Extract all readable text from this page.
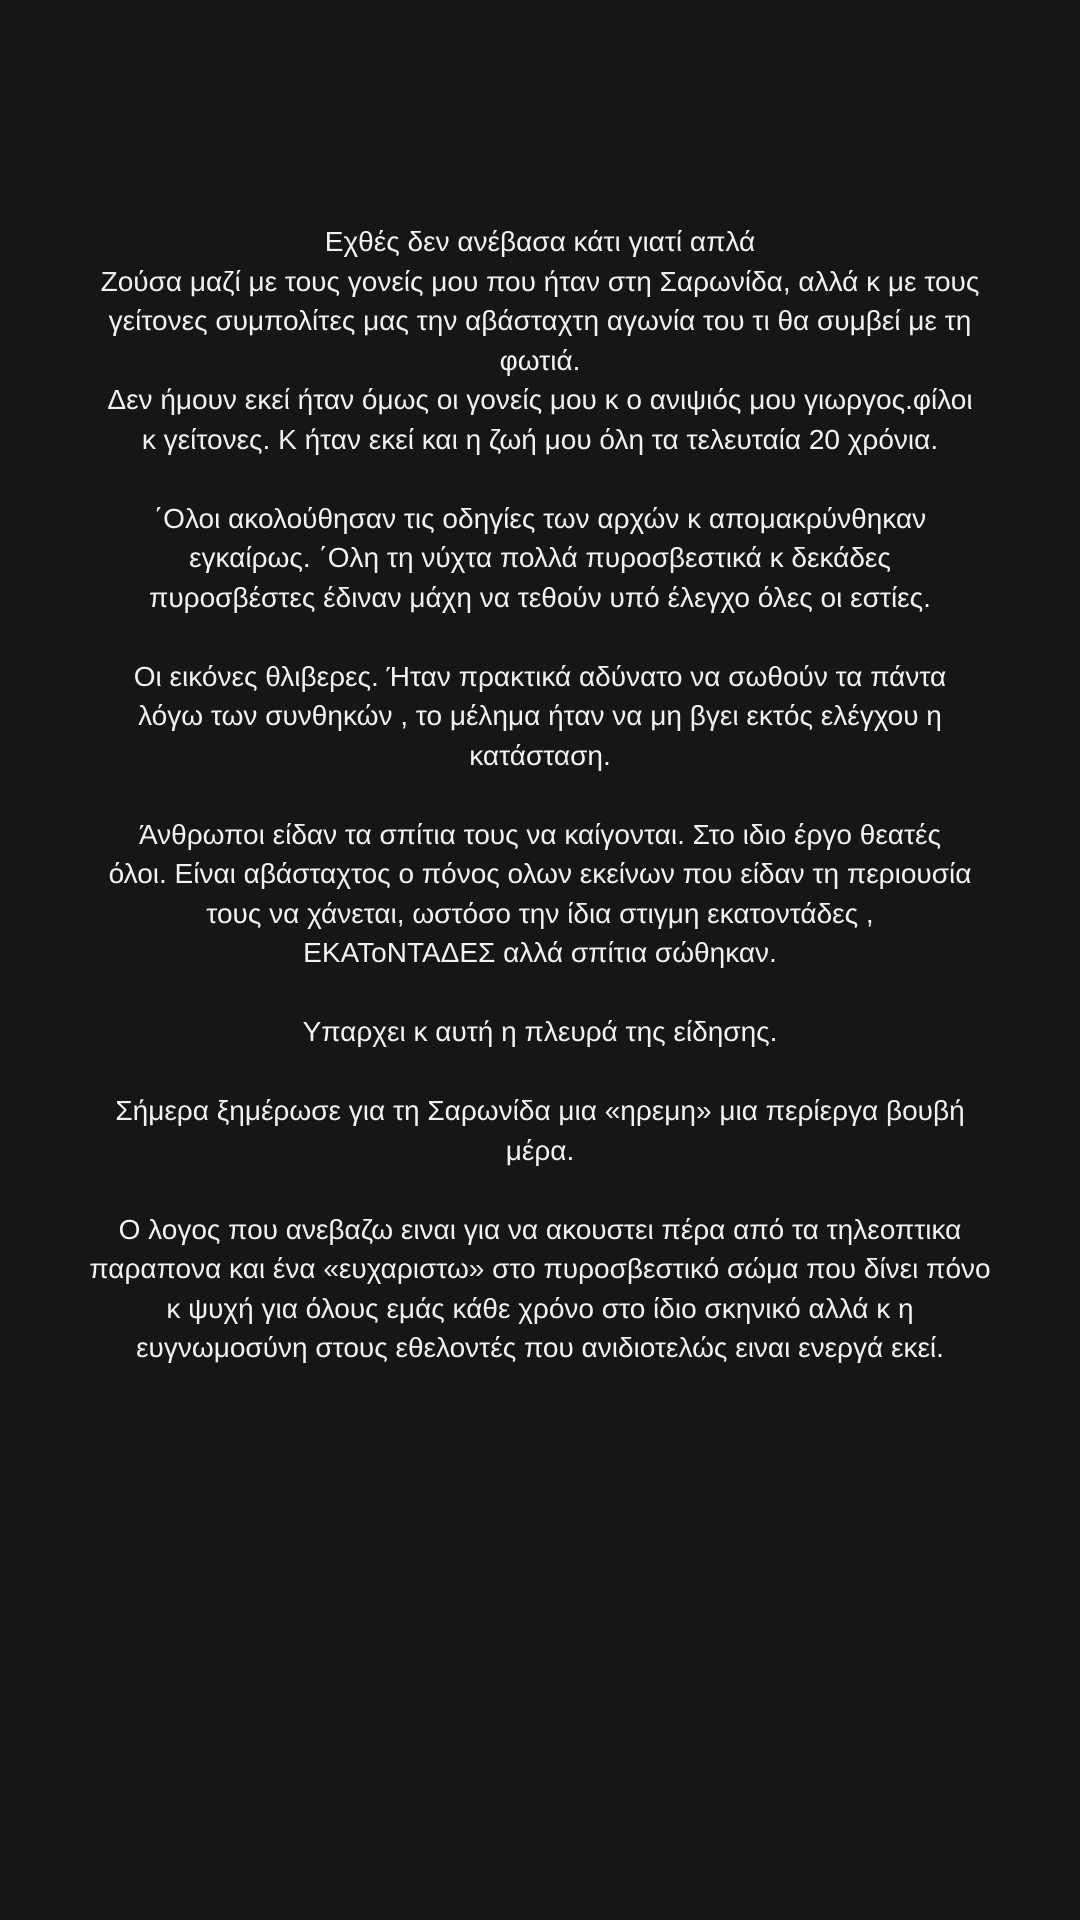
Εχθές δεν ανέβασα κάτι γιατί απλά
Ζούσα μαζί με τους γονείς μου που ήταν στη Σαρωνίδα, αλλά κ με τους
γείτονες συμπολίτες μας την αβάσταχτη αγωνία του τι θα συμβεί με τη
φωτιά.
Δεν ήμουν εκεί ήταν όμως οι γονείς μου κ ο ανιψιός μου γιωργος.φίλοι
κ γείτονες. Κ ήταν εκεί και η ζωή μου όλη τα τελευταία 20 χρόνια.
΄Ολοι ακολούθησαν τις οδηγίες των αρχών κ απομακρύνθηκαν
εγκαίρως. ΄Ολη τη νύχτα πολλά πυροσβεστικά κ δεκάδες
πυροσβέστες έδιναν μάχη να τεθούν υπό έλεγχο όλες οι εστίες.
Οι εικόνες θλιβερες. Ήταν πρακτικά αδύνατο να σωθούν τα πάντα
λόγω των συνθηκών , το μέλημα ήταν να μη βγει εκτός ελέγχου η
κατάσταση.
Άνθρωποι είδαν τα σπίτια τους να καίγονται. Στο ιδιο έργο θεατές
όλοι. Είναι αβάσταχτος ο πόνος ολων εκείνων που είδαν τη περιουσία
τους να χάνεται, ωστόσο την ίδια στιγμη εκατοντάδες ,
ΕΚΑΤοΝΤΑΔΕΣ αλλά σπίτια σώθηκαν.
Υπαρχει κ αυτή η πλευρά της είδησης.
Σήμερα ξημέρωσε για τη Σαρωνίδα μια «ηρεμη» μια περίεργα βουβή
μέρα.
Ο λογος που ανεβαζω ειναι για να ακουστει πέρα από τα τηλεοπτικα
παραπονα και ένα «ευχαριστω» στο πυροσβεστικό σώμα που δίνει πόνο
κ ψυχή για όλους εμάς κάθε χρόνο στο ίδιο σκηνικό αλλά κ η
ευγνωμοσύνη στους εθελοντές που ανιδιοτελώς ειναι ενεργά εκεί.
